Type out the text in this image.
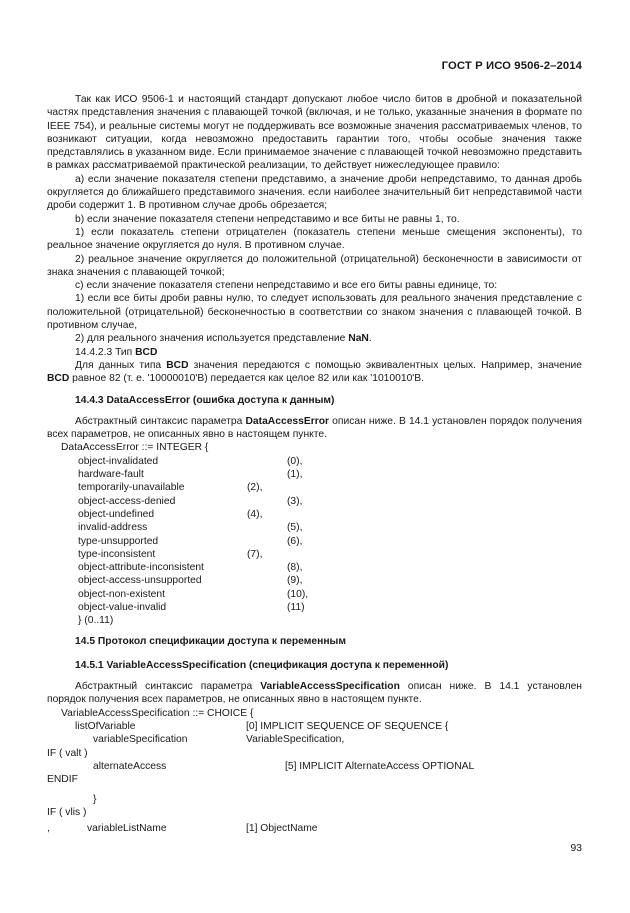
ГОСТ Р ИСО 9506-2–2014

Так как ИСО 9506-1 и настоящий стандарт допускают любое число битов в дробной и показательной частях представления значения с плавающей точкой (включая, и не только, указанные значения в формате по IEEE 754), и реальные системы могут не поддерживать все возможные значения рассматриваемых членов, то возникают ситуации, когда невозможно предоставить гарантии того, чтобы особые значения также представлялись в указанном виде. Если принимаемое значение с плавающей точкой невозможно представить в рамках рассматриваемой практической реализации, то действует нижеследующее правило:

а) если значение показателя степени представимо, а значение дроби непредставимо, то данная дробь округляется до ближайшего представимого значения. если наиболее значительный бит непредставимой части дроби содержит 1. В противном случае дробь обрезается;

b) если значение показателя степени непредставимо и все биты не равны 1, то.

1) если показатель степени отрицателен (показатель степени меньше смещения экспоненты), то реальное значение округляется до нуля. В противном случае.

2) реальное значение округляется до положительной (отрицательной) бесконечности в зависимости от знака значения с плавающей точкой;

с) если значение показателя степени непредставимо и все его биты равны единице, то:

1) если все биты дроби равны нулю, то следует использовать для реального значения представление с положительной (отрицательной) бесконечностью в соответствии со знаком значения с плавающей точкой. В противном случае,

2) для реального значения используется представление NaN.

14.4.2.3 Тип BCD

Для данных типа BCD значения передаются с помощью эквивалентных целых. Например, значение BCD равное 82 (т. е. '10000010'B) передается как целое 82 или как '1010010'B.

14.4.3 DataAccessError (ошибка доступа к данным)

Абстрактный синтаксис параметра DataAccessError описан ниже. В 14.1 установлен порядок получения всех параметров, не описанных явно в настоящем пункте.

DataAccessError ::= INTEGER {
object-invalidated	(0),
hardware-fault	(1),
temporarily-unavailable	(2),
object-access-denied	(3),
object-undefined	(4),
invalid-address	(5),
type-unsupported	(6),
type-inconsistent	(7),
object-attribute-inconsistent	(8),
object-access-unsupported	(9),
object-non-existent	(10),
object-value-invalid	(11)
} (0..11)

14.5 Протокол спецификации доступа к переменным

14.5.1 VariableAccessSpecification (спецификация доступа к переменной)

Абстрактный синтаксис параметра VariableAccessSpecification описан ниже. В 14.1 установлен порядок получения всех параметров, не описанных явно в настоящем пункте.

VariableAccessSpecification ::= CHOICE {
listOfVariable	[0] IMPLICIT SEQUENCE OF SEQUENCE {
variableSpecification	VariableSpecification,
IF ( valt )
alternateAccess	[5] IMPLICIT AlternateAccess OPTIONAL
ENDIF
}
IF ( vlis )
,	variableListName	[1] ObjectName
93
